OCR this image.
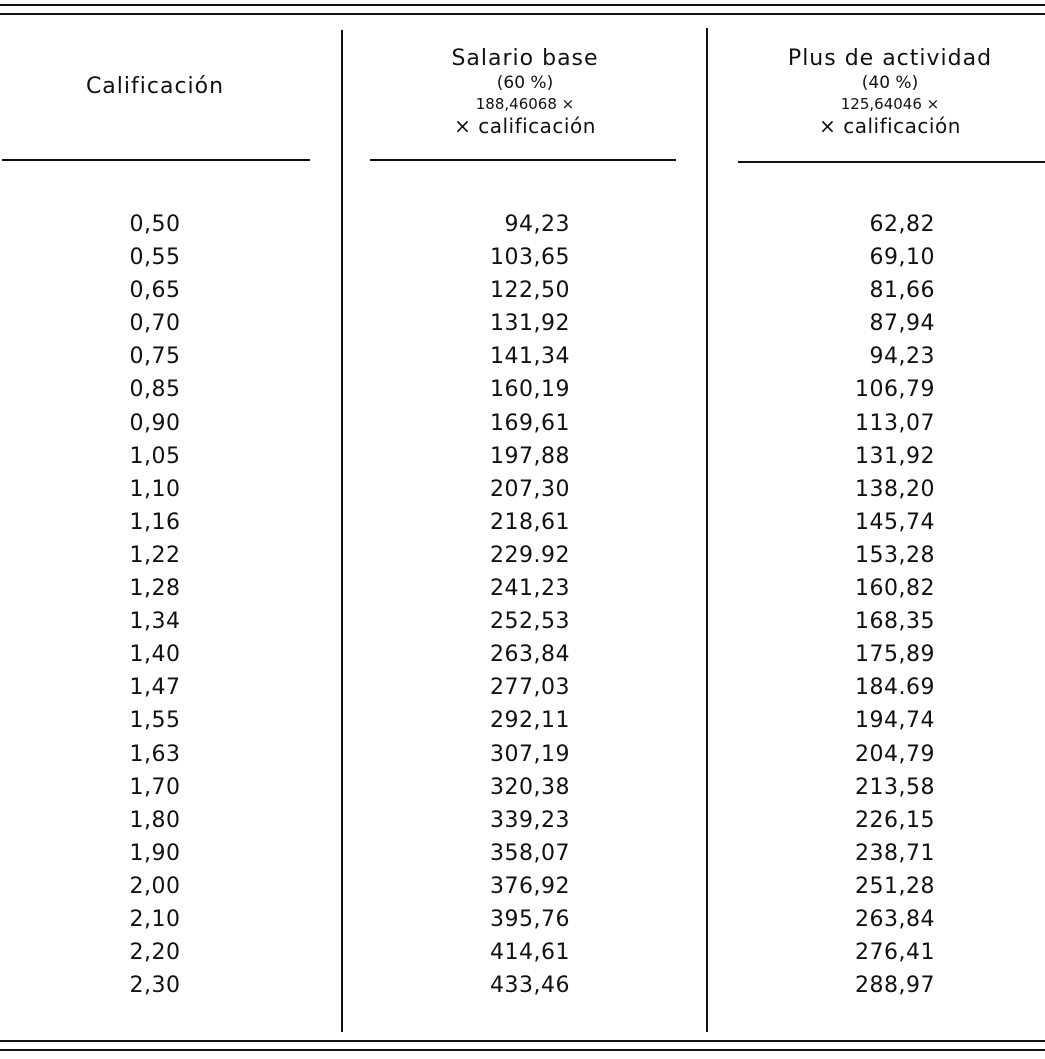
Calificación
Salario base
(60 %)
188,46068 ×
× calificación
Plus de actividad
(40 %)
125,64046 ×
× calificación
0,50
0,55
0,65
0,70
0,75
0,85
0,90
1,05
1,10
1,16
1,22
1,28
1,34
1,40
1,47
1,55
1,63
1,70
1,80
1,90
2,00
2,10
2,20
2,30
94,23
103,65
122,50
131,92
141,34
160,19
169,61
197,88
207,30
218,61
229.92
241,23
252,53
263,84
277,03
292,11
307,19
320,38
339,23
358,07
376,92
395,76
414,61
433,46
62,82
69,10
81,66
87,94
94,23
106,79
113,07
131,92
138,20
145,74
153,28
160,82
168,35
175,89
184.69
194,74
204,79
213,58
226,15
238,71
251,28
263,84
276,41
288,97
